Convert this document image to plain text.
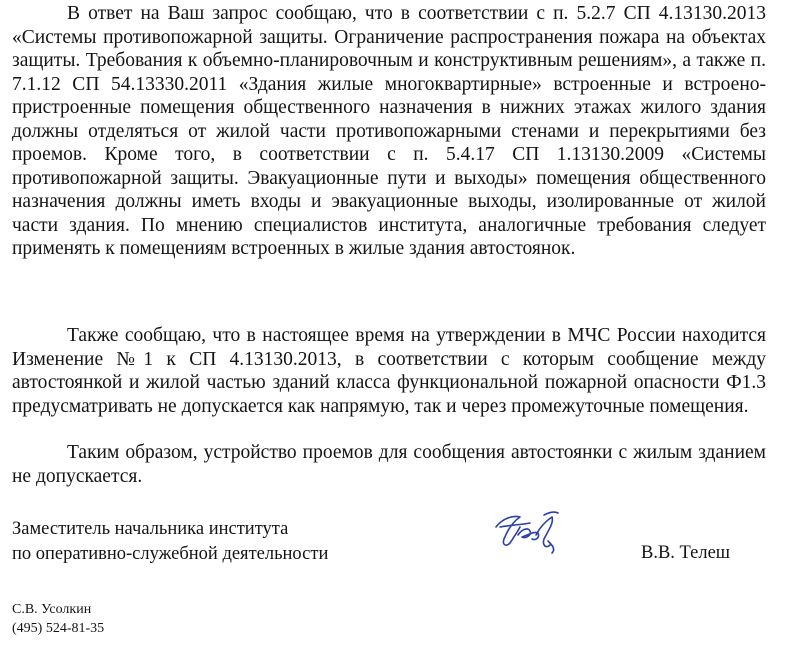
В ответ на Ваш запрос сообщаю, что в соответствии с п. 5.2.7 СП 4.13130.2013 «Системы противопожарной защиты. Ограничение распространения пожара на объектах защиты. Требования к объемно-планировочным и конструктивным решениям», а также п. 7.1.12 СП 54.13330.2011 «Здания жилые многоквартирные» встроенные и встроено-пристроенные помещения общественного назначения в нижних этажах жилого здания должны отделяться от жилой части противопожарными стенами и перекрытиями без проемов. Кроме того, в соответствии с п. 5.4.17 СП 1.13130.2009 «Системы противопожарной защиты. Эвакуационные пути и выходы» помещения общественного назначения должны иметь входы и эвакуационные выходы, изолированные от жилой части здания. По мнению специалистов института, аналогичные требования следует применять к помещениям встроенных в жилые здания автостоянок.

Также сообщаю, что в настоящее время на утверждении в МЧС России находится Изменение №1 к СП 4.13130.2013, в соответствии с которым сообщение между автостоянкой и жилой частью зданий класса функциональной пожарной опасности Ф1.3 предусматривать не допускается как напрямую, так и через промежуточные помещения.

Таким образом, устройство проемов для сообщения автостоянки с жилым зданием не допускается.

Заместитель начальника института
по оперативно-служебной деятельности	В.В. Телеш
С.В. Усолкин
(495) 524-81-35
